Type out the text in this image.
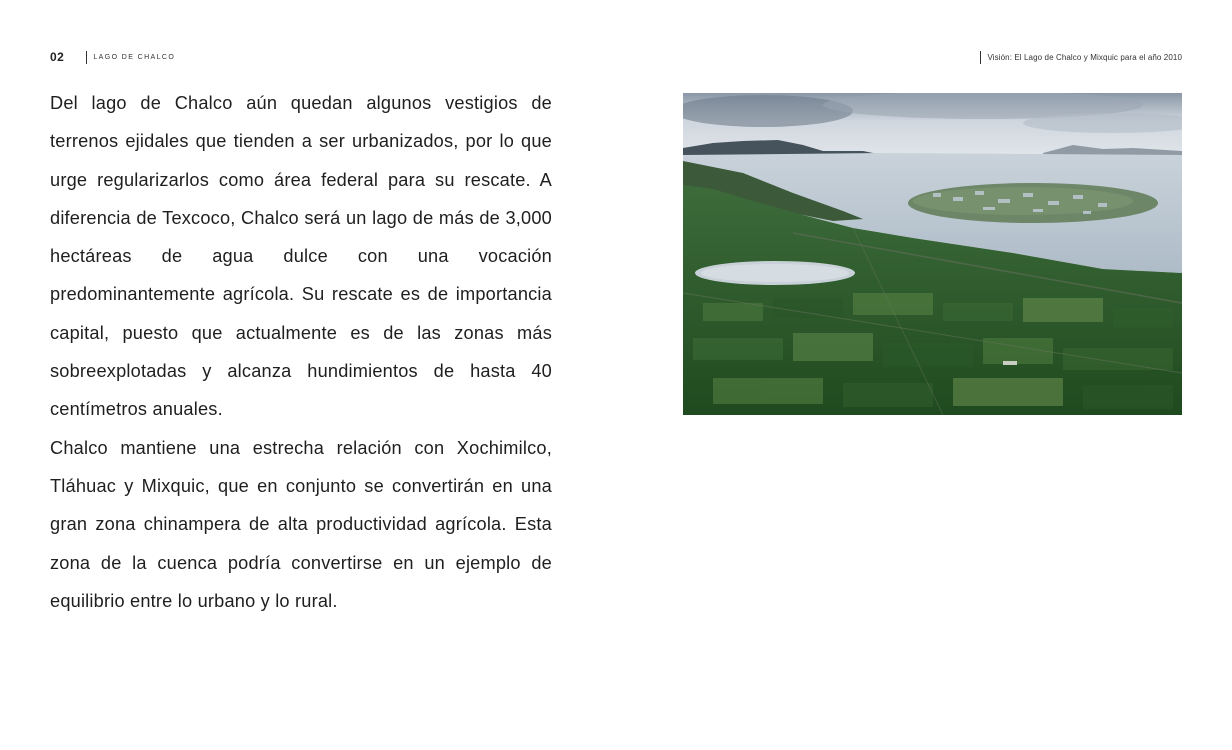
02	LAGO DE CHALCO	Visión: El Lago de Chalco y Mixquic para el año 2010

Del lago de Chalco aún quedan algunos vestigios de terrenos ejidales que tienden a ser urbanizados, por lo que urge regularizarlos como área federal para su rescate. A diferencia de Texcoco, Chalco será un lago de más de 3,000 hectáreas de agua dulce con una vocación predominantemente agrícola. Su rescate es de importancia capital, puesto que actualmente es de las zonas más sobreexplotadas y alcanza hundimientos de hasta 40 centímetros anuales.

Chalco mantiene una estrecha relación con Xochimilco, Tláhuac y Mixquic, que en conjunto se convertirán en una gran zona chinampera de alta productividad agrícola. Esta zona de la cuenca podría convertirse en un ejemplo de equilibrio entre lo urbano y lo rural.
